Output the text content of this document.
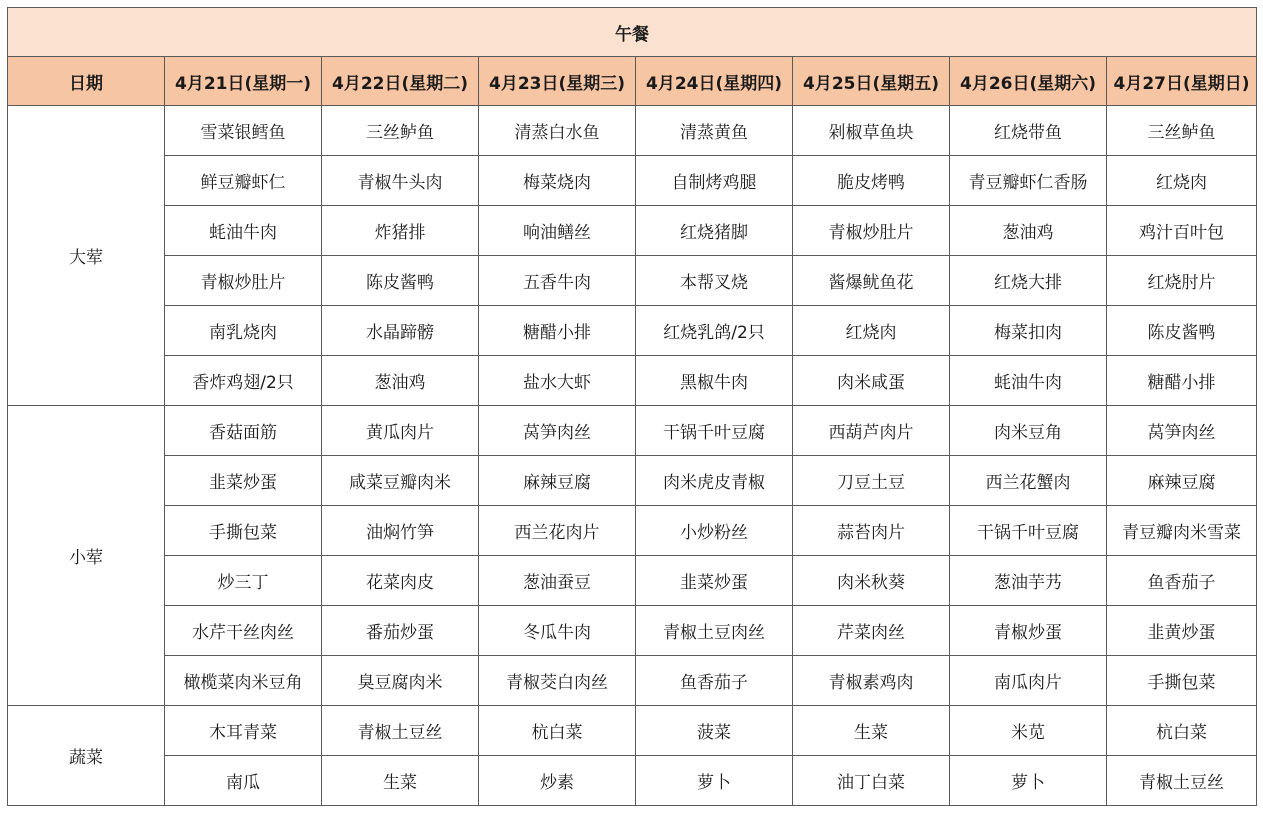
午餐							
日期	4月21日(星期一)	4月22日(星期二)	4月23日(星期三)	4月24日(星期四)	4月25日(星期五)	4月26日(星期六)	4月27日(星期日)
大荤	雪菜银鳕鱼	三丝鲈鱼	清蒸白水鱼	清蒸黄鱼	剁椒草鱼块	红烧带鱼	三丝鲈鱼
	鲜豆瓣虾仁	青椒牛头肉	梅菜烧肉	自制烤鸡腿	脆皮烤鸭	青豆瓣虾仁香肠	红烧肉
	蚝油牛肉	炸猪排	响油鳝丝	红烧猪脚	青椒炒肚片	葱油鸡	鸡汁百叶包
	青椒炒肚片	陈皮酱鸭	五香牛肉	本帮叉烧	酱爆鱿鱼花	红烧大排	红烧肘片
	南乳烧肉	水晶蹄髈	糖醋小排	红烧乳鸽/2只	红烧肉	梅菜扣肉	陈皮酱鸭
	香炸鸡翅/2只	葱油鸡	盐水大虾	黑椒牛肉	肉米咸蛋	蚝油牛肉	糖醋小排
小荤	香菇面筋	黄瓜肉片	莴笋肉丝	干锅千叶豆腐	西葫芦肉片	肉米豆角	莴笋肉丝
	韭菜炒蛋	咸菜豆瓣肉米	麻辣豆腐	肉米虎皮青椒	刀豆土豆	西兰花蟹肉	麻辣豆腐
	手撕包菜	油焖竹笋	西兰花肉片	小炒粉丝	蒜苔肉片	干锅千叶豆腐	青豆瓣肉米雪菜
	炒三丁	花菜肉皮	葱油蚕豆	韭菜炒蛋	肉米秋葵	葱油芋艿	鱼香茄子
	水芹干丝肉丝	番茄炒蛋	冬瓜牛肉	青椒土豆肉丝	芹菜肉丝	青椒炒蛋	韭黄炒蛋
	橄榄菜肉米豆角	臭豆腐肉米	青椒茭白肉丝	鱼香茄子	青椒素鸡肉	南瓜肉片	手撕包菜
蔬菜	木耳青菜	青椒土豆丝	杭白菜	菠菜	生菜	米苋	杭白菜
	南瓜	生菜	炒素	萝卜	油丁白菜	萝卜	青椒土豆丝
